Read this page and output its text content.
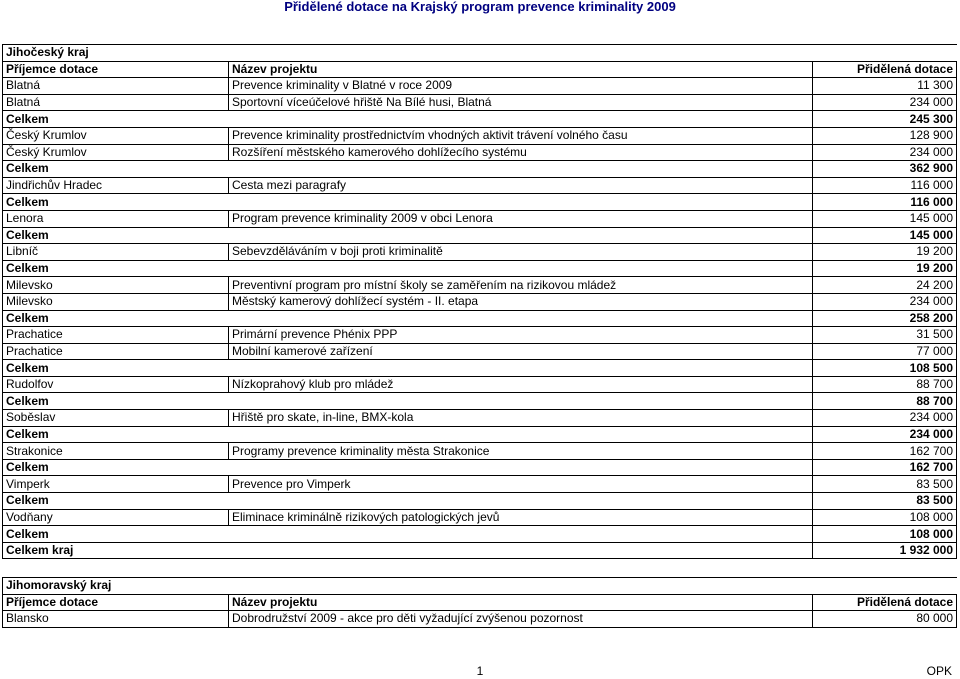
Přidělené dotace na Krajský program prevence kriminality 2009
Jihočeský kraj		
Příjemce dotace	Název projektu	Přidělená dotace
Blatná	Prevence kriminality v Blatné v roce 2009	11 300
Blatná	Sportovní víceúčelové hřiště Na Bílé husi, Blatná	234 000
Celkem		245 300
Český Krumlov	Prevence kriminality prostřednictvím vhodných aktivit trávení volného času	128 900
Český Krumlov	Rozšíření městského kamerového dohlížecího systému	234 000
Celkem		362 900
Jindřichův Hradec	Cesta mezi paragrafy	116 000
Celkem		116 000
Lenora	Program prevence kriminality 2009 v obci Lenora	145 000
Celkem		145 000
Libníč	Sebevzděláváním v boji proti kriminalitě	19 200
Celkem		19 200
Milevsko	Preventivní program pro místní školy se zaměřením na rizikovou mládež	24 200
Milevsko	Městský kamerový dohlížecí systém - II. etapa	234 000
Celkem		258 200
Prachatice	Primární prevence Phénix PPP	31 500
Prachatice	Mobilní kamerové zařízení	77 000
Celkem		108 500
Rudolfov	Nízkoprahový klub pro mládež	88 700
Celkem		88 700
Soběslav	Hřiště pro skate, in-line, BMX-kola	234 000
Celkem		234 000
Strakonice	Programy prevence kriminality města Strakonice	162 700
Celkem		162 700
Vimperk	Prevence pro Vimperk	83 500
Celkem		83 500
Vodňany	Eliminace kriminálně rizikových patologických jevů	108 000
Celkem		108 000
Celkem kraj		1 932 000
Jihomoravský kraj		
Příjemce dotace	Název projektu	Přidělená dotace
Blansko	Dobrodružství 2009 - akce pro děti vyžadující zvýšenou pozornost	80 000
1	OPK
